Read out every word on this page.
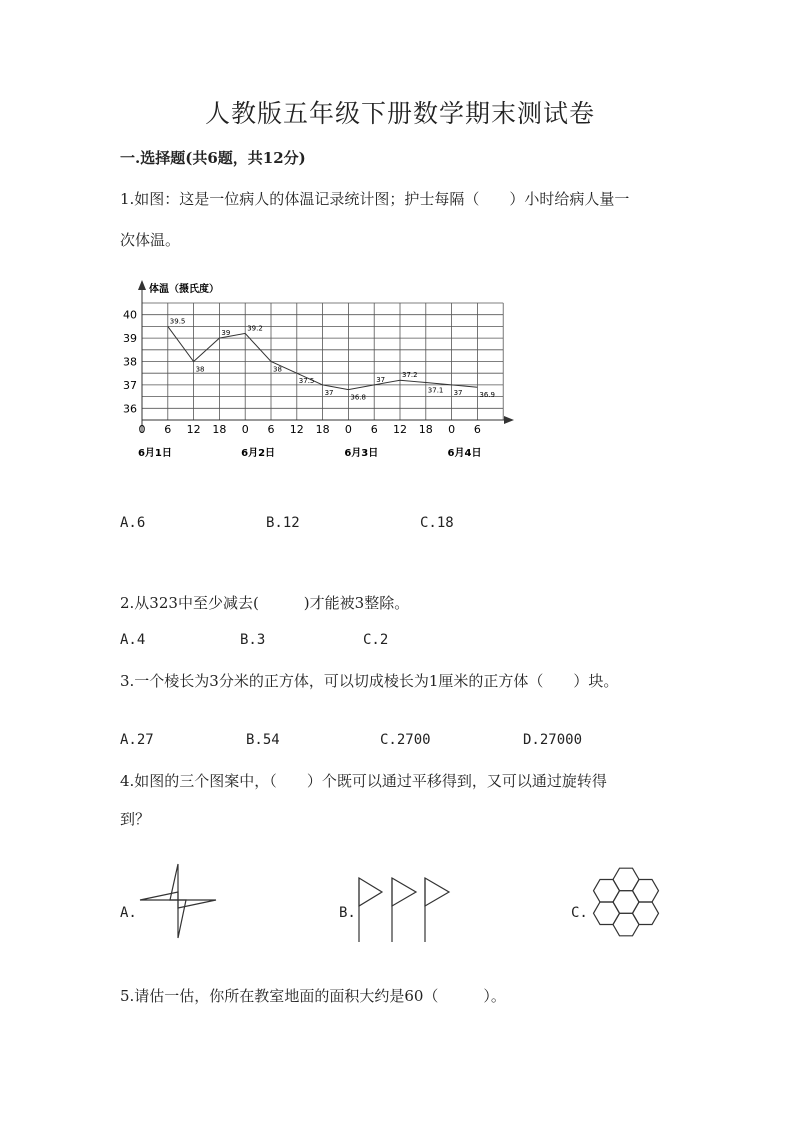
人教版五年级下册数学期末测试卷
一.选择题(共6题，共12分)
1.如图：这是一位病人的体温记录统计图；护士每隔（　　）小时给病人量一
次体温。
体温（摄氏度）
36
37
38
39
40
0 6 12 18 0 6 12 18 0 6 12 18 0 6
6月1日	6月2日	6月3日	6月4日
39.5
38
39
39.2
38
37.5
37
36.8
37
37.2
37.1 37 36.9
A.6	B.12	C.18
2.从323中至少减去(　　　)才能被3整除。
A.4	B.3	C.2
3.一个棱长为3分米的正方体，可以切成棱长为1厘米的正方体（　　）块。
A.27	B.54	C.2700	D.27000
4.如图的三个图案中，（　　）个既可以通过平移得到，又可以通过旋转得
到？
A.	B.	C.
5.请估一估，你所在教室地面的面积大约是60（　　　）。
